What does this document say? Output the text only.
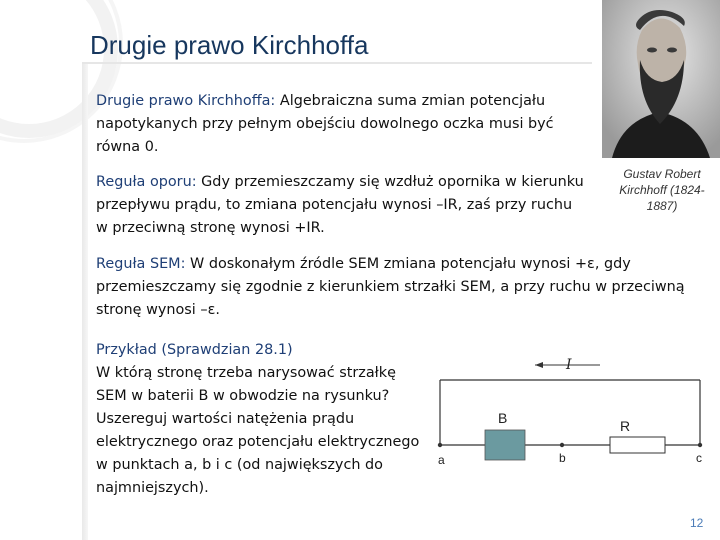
Drugie prawo Kirchhoffa
Drugie prawo Kirchhoffa: Algebraiczna suma zmian potencjału
napotykanych przy pełnym obejściu dowolnego oczka musi być
równa 0.
Reguła oporu: Gdy przemieszczamy się wzdłuż opornika w kierunku
przepływu prądu, to zmiana potencjału wynosi –IR, zaś przy ruchu
w przeciwną stronę wynosi +IR.
Gustav Robert
Kirchhoff (1824-
1887)
Reguła SEM: W doskonałym źródle SEM zmiana potencjału wynosi +ε, gdy
przemieszczamy się zgodnie z kierunkiem strzałki SEM, a przy ruchu w przeciwną
stronę wynosi –ε.
Przykład (Sprawdzian 28.1)
W którą stronę trzeba narysować strzałkę
SEM w baterii B w obwodzie na rysunku?
Uszereguj wartości natężenia prądu
elektrycznego oraz potencjału elektrycznego
w punktach a, b i c (od największych do
najmniejszych).
I
B	R
a	b	c
12
